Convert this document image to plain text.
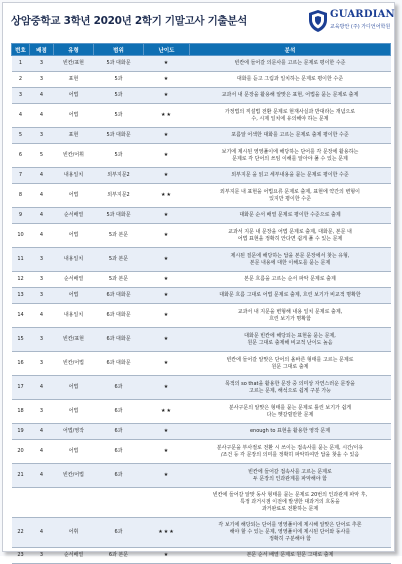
상암중학교 3학년 2020년 2학기 기말고사 기출분석
GUARDIAN
교육방안 (주) 가디언어학원
번호	배점	유형	범위	난이도	분석
1	3	빈칸/표현	5과 대화문	★	빈칸에 들어갈 의문사를 고르는 문제로 평이한 수준

2	3	표현	5과	★	대화를 듣고 그림과 일치하는 문제로 평이한 수준

3	4	어법	5과	★	교과서 내 문장을 활용해 알맞은 표현, 어법을 묻는 문제로 출제

4	4	어법	5과	★★	가정법의 직설법 전환 문제로 현재사실과 반대라는 개념으로
수, 시제 일치에 유의해야 하는 문제

5	3	표현	5과 대화문	★	포름알 어색한 대화를 고르는 문제로 출제 평이한 수준

6	5	빈칸/어휘	5과	★	보기에 제시된 영영풀이에 해당하는 단어를 각 문장에 활용하는
문제로 각 단어의 쓰임 이해를 알아야 풀 수 있는 문제

7	4	내용일치	외부지문2	★	외부지문 을 읽고 세부내용을 묻는 문제로 평이한 수준

8	4	어법	외부지문2	★★	외부지문 내 표현을 어법요류 문제로 출제, 표현에 약간의 변형이
있지만 평이한 수준

9	4	순서배열	5과 대화문	★	대화문 순서 배열 문제로 평이한 수준으로 출제

10	4	어법	5과 본문	★	교과서 지문 내 문장을 어법 문제로 출제, 대화문, 본문 내
어법 표현을 정확히 안다면 쉽게 풀 수 있는 문제

11	3	내용일치	5과 본문	★	제시된 질문에 해당하는 답을 본문 문장에서 찾는 유형,
본문 내용에 대한 이해도를 묻는 문제

12	3	순서배열	5과 본문	★	본문 흐름을 고르는 순서 파악 문제로 출제

13	3	어법	6과 대화문	★	대화문 흐름 그대로 어법 문제로 출제, 흐린 보기가 비교적 명확한

14	4	내용일치	6과 대화문	★	교과서 내 지문을 변형해 내용 일치 문제로 출제,
흐린 보기가 명확함

15	3	빈칸/표현	6과 대화문	★	대화문 빈칸에 해당되는 표현을 묻는 문제,
원문 그대로 출제해 비교적 난이도 높음

16	3	빈칸/어법	6과 대화문	★	빈칸에 들어갈 알맞은 단어의 올바른 형태를 고르는 문제로
원문 그대로 출제

17	4	어법	6과	★	목적의 so that을 활용한 문장 중 의미상 자연스러운 문장을
고르는 문제, 해석으로 쉽게 구분 가능

18	3	어법	6과	★★	분사구문의 알맞은 형태를 묻는 문제로 틀린 보기가 쉽게
다는 헷갈릴만한 문제

19	4	어법/영작	6과	★	enough to 표현을 활용한 영작 문제

20	4	어법	6과	★	분사구문을 부사절로 전환 시 쓰이는 접속사를 묻는 문제, 시간/이유
/조건 등 각 문장의 의미를 정확히 파악하여만 답을 찾을 수 있음

21	4	빈칸/어법	6과	★	빈칸에 들어갈 접속사를 고르는 문제로
두 문장의 인과관계를 파악해야 함

					빈칸에 들어갈 알맞 동사 형태를 묻는 문제로 20번의 인과관계 파악 후,
특정 과거시점 이전에 발생한 대과거의 흐동을
과거완료로 전환하는 문제

22	4	어휘	6과	★★★	각 보기에 해당되는 단어를 영영풀이에 제시해 알맞은 단어로 추론
해야 할 수 있는 문제, 영영풀이에 제시된 단어와 동사를
정확히 구분해야 함

23	3	순서배열	6과 본문	★	본문 순서 배열 문제로 원문 그대로 출제
